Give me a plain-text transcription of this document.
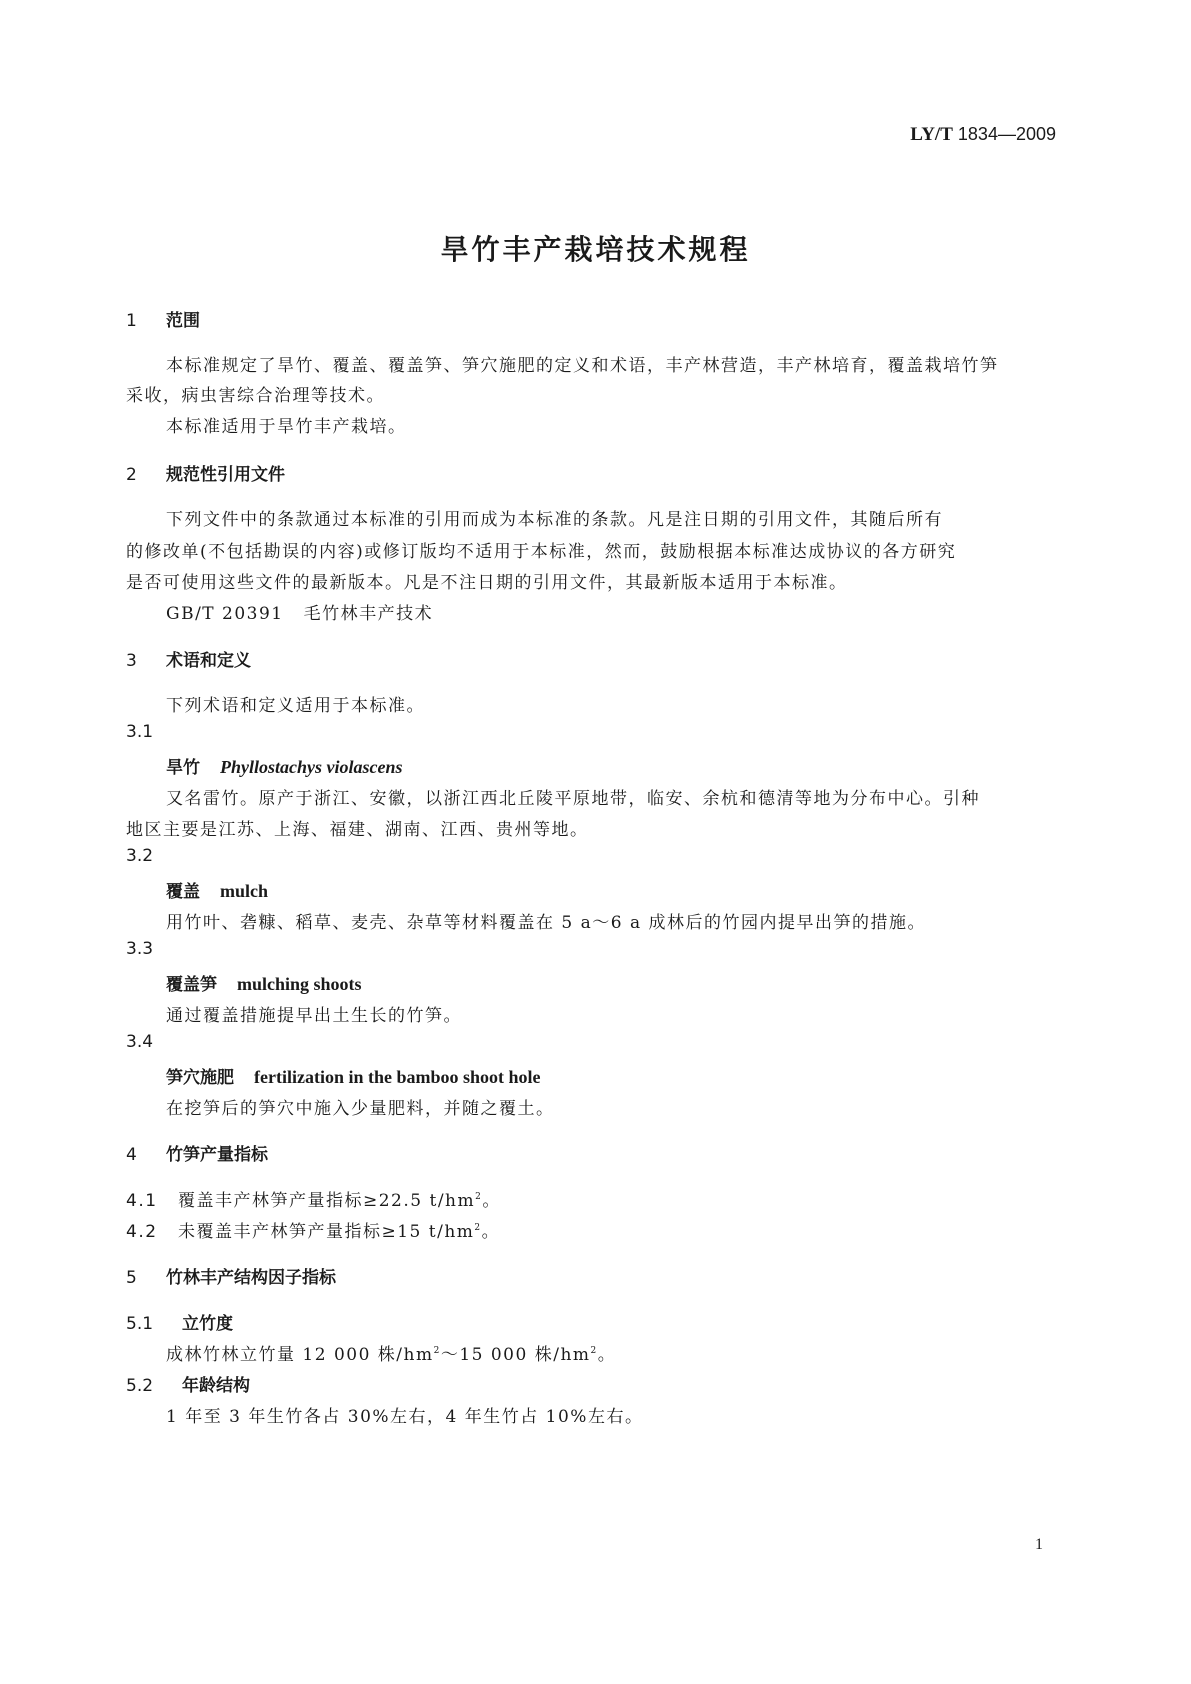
LY/T 1834—2009
旱竹丰产栽培技术规程
1 范围
本标准规定了旱竹、覆盖、覆盖笋、笋穴施肥的定义和术语，丰产林营造，丰产林培育，覆盖栽培竹笋
采收，病虫害综合治理等技术。
本标准适用于旱竹丰产栽培。
2 规范性引用文件
下列文件中的条款通过本标准的引用而成为本标准的条款。凡是注日期的引用文件，其随后所有
的修改单(不包括勘误的内容)或修订版均不适用于本标准，然而，鼓励根据本标准达成协议的各方研究
是否可使用这些文件的最新版本。凡是不注日期的引用文件，其最新版本适用于本标准。
GB/T 20391 毛竹林丰产技术
3 术语和定义
下列术语和定义适用于本标准。
3.1
旱竹 Phyllostachys violascens
又名雷竹。原产于浙江、安徽，以浙江西北丘陵平原地带，临安、余杭和德清等地为分布中心。引种
地区主要是江苏、上海、福建、湖南、江西、贵州等地。
3.2
覆盖 mulch
用竹叶、砻糠、稻草、麦壳、杂草等材料覆盖在 5 a～6 a 成林后的竹园内提早出笋的措施。
3.3
覆盖笋 mulching shoots
通过覆盖措施提早出土生长的竹笋。
3.4
笋穴施肥 fertilization in the bamboo shoot hole
在挖笋后的笋穴中施入少量肥料，并随之覆土。
4 竹笋产量指标
4.1 覆盖丰产林笋产量指标≥22.5 $t/hm^2$。
4.2 未覆盖丰产林笋产量指标≥15 $t/hm^2$。
5 竹林丰产结构因子指标
5.1 立竹度
成林竹林立竹量 12 000 株$/hm^2\sim 15$ 000 株$/hm^2$。
5.2 年龄结构
1 年至 3 年生竹各占 30%左右，4 年生竹占 10%左右。
1
